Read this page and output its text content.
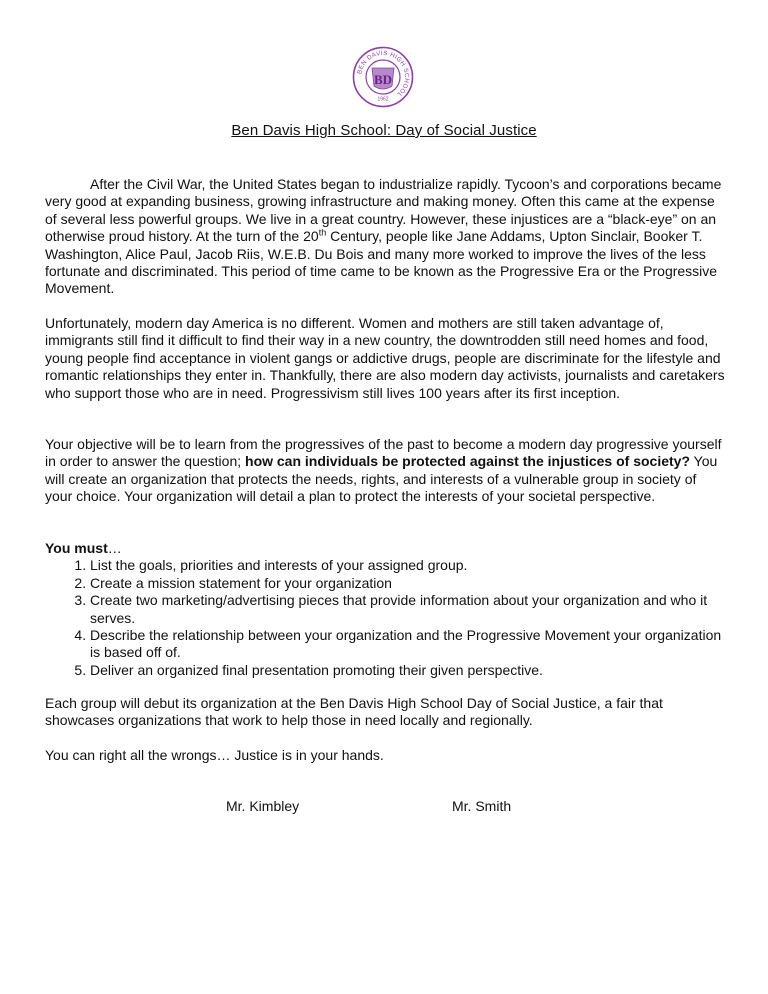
BEN DAVIS HIGH SCHOOL
BD
1962
Ben Davis High School: Day of Social Justice
After the Civil War, the United States began to industrialize rapidly. Tycoon’s and corporations became very good at expanding business, growing infrastructure and making money. Often this came at the expense of several less powerful groups. We live in a great country. However, these injustices are a “black-eye” on an otherwise proud history. At the turn of the 20th Century, people like Jane Addams, Upton Sinclair, Booker T. Washington, Alice Paul, Jacob Riis, W.E.B. Du Bois and many more worked to improve the lives of the less fortunate and discriminated. This period of time came to be known as the Progressive Era or the Progressive Movement.
Unfortunately, modern day America is no different. Women and mothers are still taken advantage of, immigrants still find it difficult to find their way in a new country, the downtrodden still need homes and food, young people find acceptance in violent gangs or addictive drugs, people are discriminate for the lifestyle and romantic relationships they enter in. Thankfully, there are also modern day activists, journalists and caretakers who support those who are in need. Progressivism still lives 100 years after its first inception.
Your objective will be to learn from the progressives of the past to become a modern day progressive yourself in order to answer the question; how can individuals be protected against the injustices of society? You will create an organization that protects the needs, rights, and interests of a vulnerable group in society of your choice. Your organization will detail a plan to protect the interests of your societal perspective.
You must…
1. List the goals, priorities and interests of your assigned group.
2. Create a mission statement for your organization
3. Create two marketing/advertising pieces that provide information about your organization and who it serves.
4. Describe the relationship between your organization and the Progressive Movement your organization is based off of.
5. Deliver an organized final presentation promoting their given perspective.
Each group will debut its organization at the Ben Davis High School Day of Social Justice, a fair that showcases organizations that work to help those in need locally and regionally.
You can right all the wrongs… Justice is in your hands.
Mr. Kimbley	Mr. Smith
